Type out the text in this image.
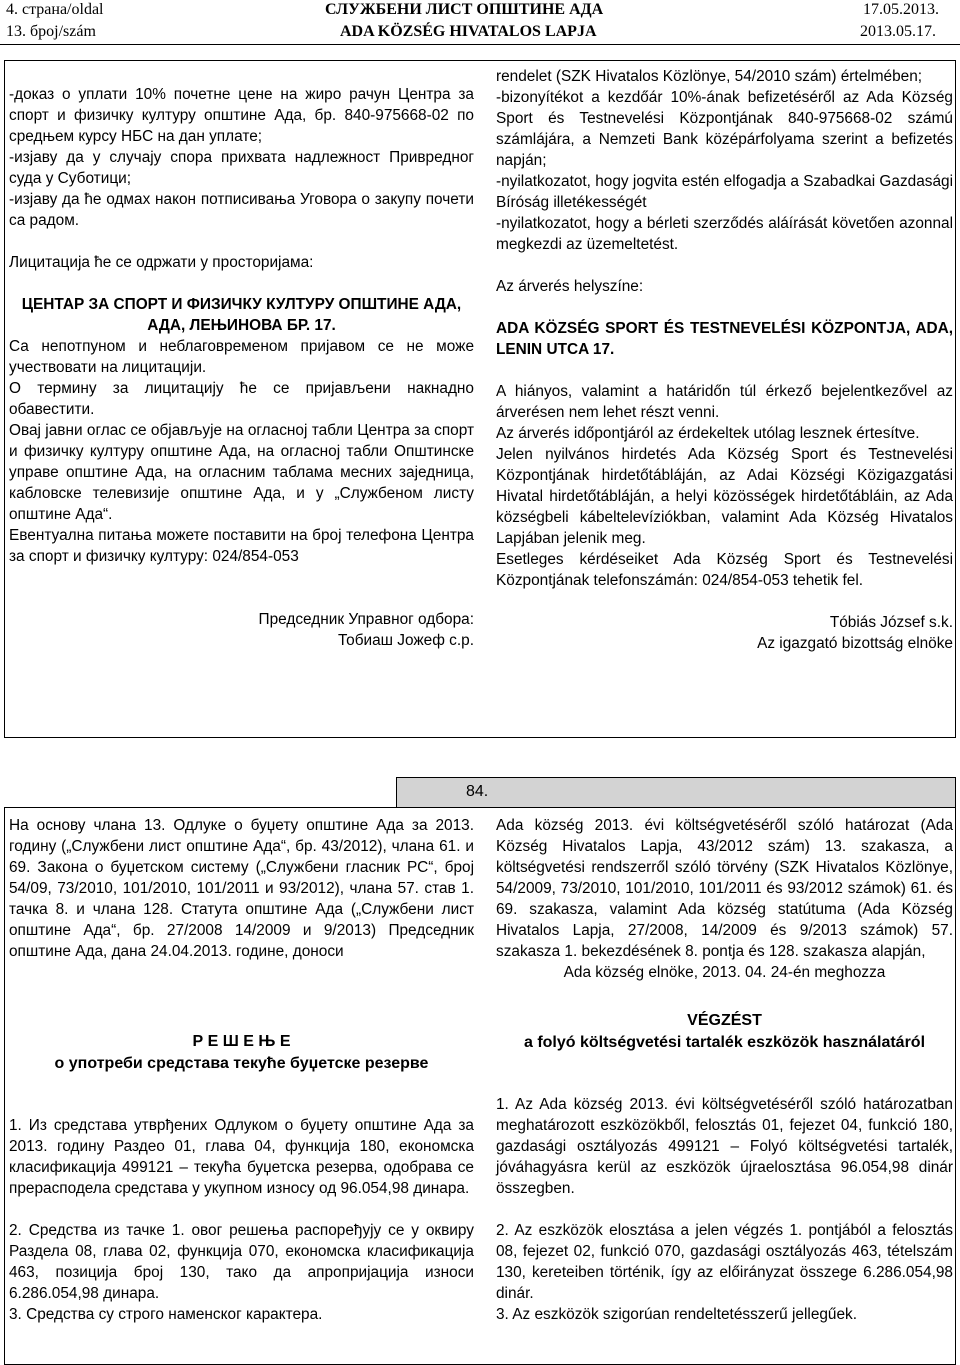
4. страна/oldal
13. број/szám
СЛУЖБЕНИ ЛИСТ ОПШТИНЕ АДА
ADA KÖZSÉG HIVATALOS LAPJA
17.05.2013.
2013.05.17.

-доказ о уплати 10% почетне цене на жиро рачун Центра за спорт и физичку културу општине Ада, бр. 840-975668-02 по средњем курсу НБС на дан уплате;

-изјаву да у случају спора прихвата надлежност Привредног суда у Суботици;

-изјаву да ће одмах након потписивања Уговора о закупу почети са радом.

Лицитација ће се одржати у просторијама:

ЦЕНТАР ЗА СПОРТ И ФИЗИЧКУ КУЛТУРУ ОПШТИНЕ АДА, АДА, ЛЕЊИНОВА БР. 17.

Са непотпуном и неблаговременом пријавом се не може учествовати на лицитацији.

О термину за лицитацију ће се пријављени накнадно обавестити.

Овај јавни оглас се објављује на огласној табли Центра за спорт и физичку културу општине Ада, на огласној табли Општинске управе општине Ада, на огласним таблама месних заједница, кабловске телевизије општине Ада, и у „Службеном листу општине Ада“.

Евентуална питања можете поставити на број телефона Центра за спорт и физичку културу: 024/854-053

Председник Управног одбора:

Тобиаш Јожеф с.р.

rendelet (SZK Hivatalos Közlönye, 54/2010 szám) értelmében;

-bizonyítékot a kezdőár 10%-ának befizetéséről az Ada Község Sport és Testnevelési Központjának 840-975668-02 számú számlájára, a Nemzeti Bank középárfolyama szerint a befizetés napján;

-nyilatkozatot, hogy jogvita estén elfogadja a Szabadkai Gazdasági Bíróság illetékességét

-nyilatkozatot, hogy a bérleti szerződés aláírását követően azonnal megkezdi az üzemeltetést.

Az árverés helyszíne:

ADA KÖZSÉG SPORT ÉS TESTNEVELÉSI KÖZPONTJA, ADA, LENIN UTCA 17.

A hiányos, valamint a határidőn túl érkező bejelentkezővel az árverésen nem lehet részt venni.

Az árverés időpontjáról az érdekeltek utólag lesznek értesítve.

Jelen nyilvános hirdetés Ada Község Sport és Testnevelési Központjának hirdetőtábláján, az Adai Községi Közigazgatási Hivatal hirdetőtábláján, a helyi közösségek hirdetőtábláin, az Ada községbeli kábeltelevíziókban, valamint Ada Község Hivatalos Lapjában jelenik meg.

Esetleges kérdéseiket Ada Község Sport és Testnevelési Központjának telefonszámán: 024/854-053 tehetik fel.

Tóbiás József s.k.

Az igazgató bizottság elnöke

84.

На основу члана 13. Одлуке о буџету општине Ада за 2013. годину („Службени лист општине Ада“, бр. 43/2012), члана 61. и 69. Закона о буџетском систему („Службени гласник РС“, број 54/09, 73/2010, 101/2010, 101/2011 и 93/2012), члана 57. став 1. тачка 8. и члана 128. Статута општине Ада („Службени лист општине Ада“, бр. 27/2008 14/2009 и 9/2013) Председник општине Ада, дана 24.04.2013. године, доноси

Р Е Ш Е Њ Е

о употреби средстава текуће буџетске резерве

1. Из средстава утврђених Одлуком о буџету општине Ада за 2013. годину Раздео 01, глава 04, функција 180, економска класификација 499121 – текућа буџетска резерва, одобрава се прерасподела средстава у укупном износу од 96.054,98 динара.

2. Средства из тачке 1. овог решења распоређују се у оквиру Раздела 08, глава 02, функција 070, економска класификација 463, позиција број 130, тако да апропријација износи 6.286.054,98 динара.

3. Средства су строго наменског карактера.

Ada község 2013. évi költségvetéséről szóló határozat (Ada Község Hivatalos Lapja, 43/2012 szám) 13. szakasza, a költségvetési rendszerről szóló törvény (SZK Hivatalos Közlönye, 54/2009, 73/2010, 101/2010, 101/2011 és 93/2012 számok) 61. és 69. szakasza, valamint Ada község statútuma (Ada Község Hivatalos Lapja, 27/2008, 14/2009 és 9/2013 számok) 57. szakasza 1. bekezdésének 8. pontja és 128. szakasza alapján,

Ada község elnöke, 2013. 04. 24-én meghozza

VÉGZÉST

a folyó költségvetési tartalék eszközök használatáról

1. Az Ada község 2013. évi költségvetéséről szóló határozatban meghatározott eszközökből, felosztás 01, fejezet 04, funkció 180, gazdasági osztályozás 499121 – Folyó költségvetési tartalék, jóváhagyásra kerül az eszközök újraelosztása 96.054,98 dinár összegben.

2. Az eszközök elosztása a jelen végzés 1. pontjából a felosztás 08, fejezet 02, funkció 070, gazdasági osztályozás 463, tételszám 130, kereteiben történik, így az előirányzat összege 6.286.054,98 dinár.

3. Az eszközök szigorúan rendeltetésszerű jellegűek.
